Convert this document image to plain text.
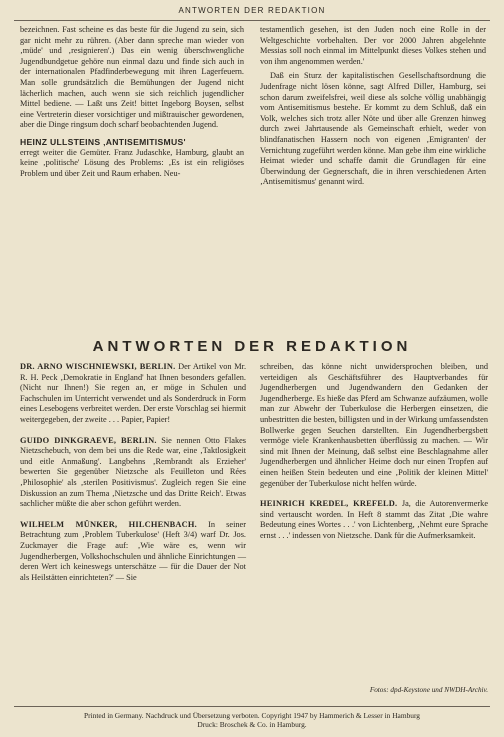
ANTWORTEN DER REDAKTION

bezeichnen. Fast scheine es das beste für die Jugend zu sein, sich gar nicht mehr zu rühren. (Aber dann spreche man wieder von ‚müde' und ‚resignieren'.) Das ein wenig überschwengliche Jugendbundgetue gehöre nun einmal dazu und finde sich auch in der internationalen Pfadfinderbewegung mit ihren Lagerfeuern. Man solle grundsätzlich die Bemühungen der Jugend nicht lächerlich machen, auch wenn sie sich reichlich jugendlicher Mittel bediene. — Laßt uns Zeit! bittet Ingeborg Boysen, selbst eine Vertreterin dieser vorsichtiger und mißtrauischer gewordenen, aber die Dinge ringsum doch scharf beobachtenden Jugend.

HEINZ ULLSTEINS ‚ANTISEMITISMUS'

erregt weiter die Gemüter. Franz Judaschke, Hamburg, glaubt an keine ‚politische' Lösung des Problems: ‚Es ist ein religiöses Problem und über Zeit und Raum erhaben. Neu-

testamentlich gesehen, ist den Juden noch eine Rolle in der Weltgeschichte vorbehalten. Der vor 2000 Jahren abgelehnte Messias soll noch einmal im Mittelpunkt dieses Volkes stehen und von ihm angenommen werden.'

Daß ein Sturz der kapitalistischen Gesellschaftsordnung die Judenfrage nicht lösen könne, sagt Alfred Diller, Hamburg, sei schon darum zweifelsfrei, weil diese als solche völlig unabhängig vom Antisemitismus bestehe. Er kommt zu dem Schluß, daß ein Volk, welches sich trotz aller Nöte und über alle Grenzen hinweg durch zwei Jahrtausende als Gemeinschaft erhielt, weder von blindfanatischen Hassern noch von eigenen ‚Emigranten' der Vernichtung zugeführt werden könne. Man gebe ihm eine wirkliche Heimat wieder und schaffe damit die Grundlagen für eine Überwindung der Gegnerschaft, die in ihren verschiedenen Arten ‚Antisemitismus' genannt wird.

ANTWORTEN DER REDAKTION

DR. ARNO WISCHNIEWSKI, BERLIN. Der Artikel von Mr. R. H. Peck ‚Demokratie in England' hat Ihnen besonders gefallen. (Nicht nur Ihnen!) Sie regen an, er möge in Schulen und Fachschulen im Unterricht verwendet und als Sonderdruck in Form eines Lesebogens verbreitet werden. Der erste Vorschlag sei hiermit weitergegeben, der zweite . . . Papier, Papier!

GUIDO DINKGRAEVE, BERLIN. Sie nennen Otto Flakes Nietzschebuch, von dem bei uns die Rede war, eine ‚Taktlosigkeit und eitle Anmaßung'. Langbehns ‚Rembrandt als Erzieher' bewerten Sie gegenüber Nietzsche als Feuilleton und Rées ‚Philosophie' als ‚sterilen Positivismus'. Zugleich regen Sie eine Diskussion an zum Thema ‚Nietzsche und das Dritte Reich'. Etwas sachlicher müßte die aber schon geführt werden.

WILHELM MÜNKER, HILCHENBACH. In seiner Betrachtung zum ‚Problem Tuberkulose' (Heft 3/4) warf Dr. Jos. Zuckmayer die Frage auf: ‚Wie wäre es, wenn wir Jugendherbergen, Volkshochschulen und ähnliche Einrichtungen — deren Wert ich keineswegs unterschätze — für die Dauer der Not als Heilstätten einrichteten?' — Sie

schreiben, das könne nicht unwidersprochen bleiben, und verteidigen als Geschäftsführer des Hauptverbandes für Jugendherbergen und Jugendwandern den Gedanken der Jugendherberge. Es hieße das Pferd am Schwanze aufzäumen, wolle man zur Abwehr der Tuberkulose die Herbergen einsetzen, die unbestritten die besten, billigsten und in der Wirkung umfassendsten Bollwerke gegen Seuchen darstellten. Ein Jugendherbergsbett vermöge viele Krankenhausbetten überflüssig zu machen. — Wir sind mit Ihnen der Meinung, daß selbst eine Beschlagnahme aller Jugendherbergen und ähnlicher Heime doch nur einen Tropfen auf einen heißen Stein bedeuten und eine ‚Politik der kleinen Mittel' gegenüber der Tuberkulose nicht helfen würde.

HEINRICH KREDEL, KREFELD. Ja, die Autorenvermerke sind vertauscht worden. In Heft 8 stammt das Zitat ‚Die wahre Bedeutung eines Wortes . . .' von Lichtenberg, ‚Nehmt eure Sprache ernst . . .' indessen von Nietzsche. Dank für die Aufmerksamkeit.

Fotos: dpd-Keystone und NWDH-Archiv.
Printed in Germany. Nachdruck und Übersetzung verboten. Copyright 1947 by Hammerich & Lesser in Hamburg
Druck: Broschek & Co. in Hamburg.
